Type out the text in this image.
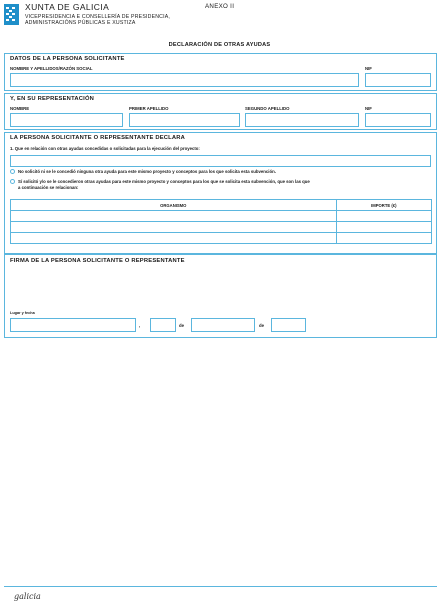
XUNTA DE GALICIA
VICEPRESIDENCIA E CONSELLERÍA DE PRESIDENCIA,
ADMINISTRACIÓNS PÚBLICAS E XUSTIZA
ANEXO II
DECLARACIÓN DE OTRAS AYUDAS
DATOS DE LA PERSONA SOLICITANTE
NOMBRE Y APELLIDOS/RAZÓN SOCIAL	NIF
Y, EN SU REPRESENTACIÓN
NOMBRE	PRIMER APELLIDO	SEGUNDO APELLIDO	NIF
LA PERSONA SOLICITANTE O REPRESENTANTE DECLARA
1. Que en relación con otras ayudas concedidas o solicitadas para la ejecución del proyecto:
No solicitó ni se le concedió ninguna otra ayuda para este mismo proyecto y conceptos para los que solicita esta subvención.
Sí solicitó y/o se le concedieron otras ayudas para este mismo proyecto y conceptos para los que se solicita esta subvención, que son las que
a continuación se relacionan:
ORGANISMO	IMPORTE (€)

FIRMA DE LA PERSONA SOLICITANTE O REPRESENTANTE
Lugar y fecha
,	de	de
galicia
